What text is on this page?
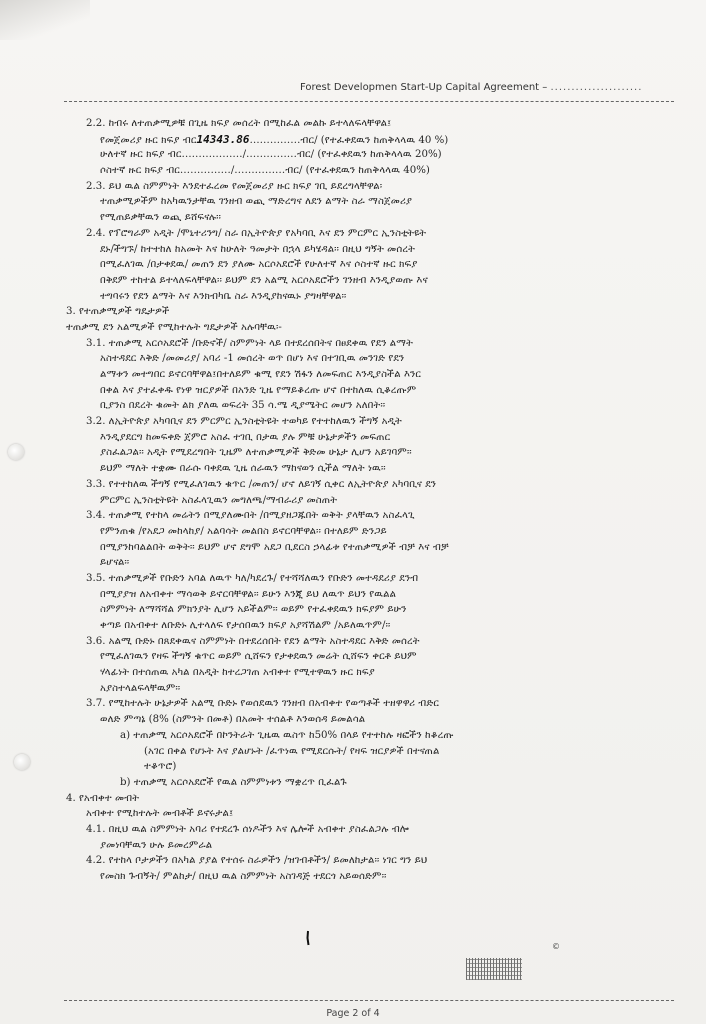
Forest Developmen Start-Up Capital Agreement – ......................
2.2. ከብሩ ለተጠቃሚዎቹ በጊዜ ክፍያ መሰረት በሚከፈል መልኩ ይተላለፍላቸዋል፤
የመጀመሪያ ዙር ክፍያ ብር14343.86……………ብር/ (የተፈቀደዉን ከጠቅላላዉ 40 %)
ሁለተኛ ዙር ክፍያ ብር………………/……………ብር/ (የተፈቀደዉን ከጠቅላላዉ 20%)
ሶስተኛ ዙር ክፍያ ብር……………/……………ብር/ (የተፈቀደዉን ከጠቅላላዉ 40%)
2.3. ይህ ዉል ስምምነት እንደተፈረመ የመጀመሪያ ዙር ክፍያ ገቢ ይደረግላቸዋል፡
ተጠቃሚዎችም ከአካዉንታቸዉ ገንዘብ ወጪ ማድረግና ለደን ልማት ስራ ማስጀመሪያ
የሚጠይቃቸዉን ወጪ ይሸፍናሉ፡፡
2.4. የፕሮግራም አዲት /ሞኒተሪንግ/ ስራ በኢትዮጵያ የአካባቢ እና ደን ምርምር ኢንስቲትዩት
ደኑ/ችግኙ/ ከተተከለ ከአመት እና ከሁለት ዓመታት በኋላ ይካሄዳል፡፡ በዚህ ግኝት መሰረት
በሚፈለገዉ /በታቀደዉ/ መጠን ደን ያለሙ አርሶአደሮች የሁለተኛ እና ሶስተኛ ዙር ክፍያ
በቅደም ተከተል ይተላለፍላቸዋል፡፡ ይህም ደን አልሚ አርሶአደሮችን ገንዘብ እንዲያወጡ እና
ተግባሩን የደን ልማት እና እንክብካቤ ስራ እንዲያከናዉኑ ያግዛቸዋል፡፡
3. የተጠቃሚዎች ግዴታዎች
ተጠቃሚ ደን አልሚዎች የሚከተሉት ግዴታዎች አሉባቸዉ፡-
3.1. ተጠቃሚ አርሶአደሮች /ቡድኖች/ ስምምነት ላይ በተደረሰበትና በፀደቀዉ የደን ልማት
አስተዳደር እቅድ /መመሪያ/ አባሪ -1 መሰረት ወጥ በሆነ እና በተገቢዉ መንገድ የደን
ልማቱን መተግበር ይኖርባቸዋል፤በተለይም ቁሚ የደን ሽፋን ለመፍጠር እንዲያስችል እንር
በቀል እና ያተፈቀዱ የነዋ ዝርያዎች በአንድ ጊዜ የማይቆረጡ ሆኖ በተከለዉ ሲቆረጡም
ቢያንስ በደረት ቁመት ልክ ያለዉ ወፍረት 35 ሳ.ሜ ዲያሜትር መሆን አለበት፡፡
3.2. ለኢትዮጵያ አካባቢና ደን ምርምር ኢንስቲትዩት ተወካይ የተተከለዉን ችግኝ አዲት
እንዲያደርግ ከመፍቀድ ጀምሮ አስፈ ተገቢ በታዉ ያሉ ምቹ ሁኔታዎችን መፍጠር
ያስፈልጋል፡፡ አዲት የሚደረግበት ጊዜም ለተጠቃሚዎች ቅድመ ሁኔታ ሊሆን አይገባም፡፡
ይህም ማለት ተቋሙ በራሱ ባቀደዉ ጊዜ ሰራዉን ማከናወን ሲችል ማለት ነዉ፡፡
3.3. የተተከለዉ ችግኝ የሚፈለገዉን ቁጥር /መጠን/ ሆኖ ለይገኝ ሲቀር ለኢትዮጵያ አካባቢና ደን
ምርምር ኢንስቲትዩት አስፈላጊዉን መግለጫ/ማብራሪያ መስጠት
3.4. ተጠቃሚ የተከላ መሬትን በሚያለሙበት /በሚያዘጋጁበት ወቅት ያላቸዉን አስፈላጊ
የምንጠቁ /የአደጋ መከላከያ/ አልባሳት መልበስ ይኖርባቸዋል፡፡ በተለይም ድንጋይ
በሚያንከባልልበት ወቅት፡፡ ይህም ሆኖ ደግሞ አደጋ ቢደርስ ኃላፊቱ የተጠቃሚዎች ብቻ እና ብቻ
ይሆናል፡፡
3.5. ተጠቃሚዎች የቡድን አባል ለዉጥ ካለ/ካደረጉ/ የተሻሻለዉን የቡድን መተዳደሪያ ደንብ
በሚያያዝ ለአብቀተ ማሳወቅ ይኖርባቸዋል፡፡ ይሁን እንጂ ይህ ለዉጥ ይህን የዉልል
ስምምነት ለማሻሻል ምክንያት ሊሆን አይችልም፡፡ ወይም የተፈቀደዉን ክፍያም ይሁን
ቀጣይ በአብቀተ ለቡድኑ ሊተላለፍ የታሰበዉን ክፍያ አያሻሽልም /አይለዉጥም/፡፡
3.6. አልሚ ቡድኑ በጸደቀዉና ስምምነት በተደረሰበት የደን ልማት አስተዳደር እቅድ መሰረት
የሚፈለገዉን የዛፍ ችግኝ ቁጥር ወይም ሲሸፍን የታቀደዉን መሬት ሲሸፍን ቀርቶ ይህም
ሃላፊነት በተሰጠዉ አካል በአዲት ከተረጋገጠ አብቀተ የሚተዋዉን ዙር ክፍያ
አያስተላልፍላቸዉም፡፡
3.7. የሚከተሉት ሁኔታዎች አልሚ ቡድኑ የወሰደዉን ገንዘብ በአብቀተ የወጣቶች ተዘዋዋሪ ብድር
ወለድ ምጣኔ (8% (ስምንት በመቶ) በአመት ተሰልቶ እንወሰዳ ይመልሳል
a) ተጠቃሚ አርሶአደሮች በኮንትራት ጊዜዉ ዉስጥ ከ50% በላይ የተተከሉ ዛፎችን ከቆረጡ
(አገር በቀል የሆኑት እና ያልሆኑት /ፈጥነዉ የሚደርሱት/ የዛፍ ዝርያዎች በተናጠል
ተቆጥሮ)
b) ተጠቃሚ አርሶአደሮች የዉል ስምምነቱን ማቋረጥ ቢፈልጉ
4. የአብቀተ መብት
አብቀተ የሚከተሉት መብቶች ይኖሩታል፤
4.1. በዚህ ዉል ስምምነት አባሪ የተደረጉ ሰነዶችን እና ሌሎች አብቀተ ያስፈልጋሉ ብሎ
ያመነባቸዉን ሁሉ ይመረምራል
4.2. የተከላ ቦታዎችን በአካል ያያል የተሰሩ ስራዎችን /ዝገብቶችን/ ይመለከታል፡፡ ነገር ግን ይህ
የመስክ ጉብኝት/ ምልከታ/ በዚህ ዉል ስምምነት አስገዳጅ ተደርጎ አይወሰድም፡፡
©
Page 2 of 4
